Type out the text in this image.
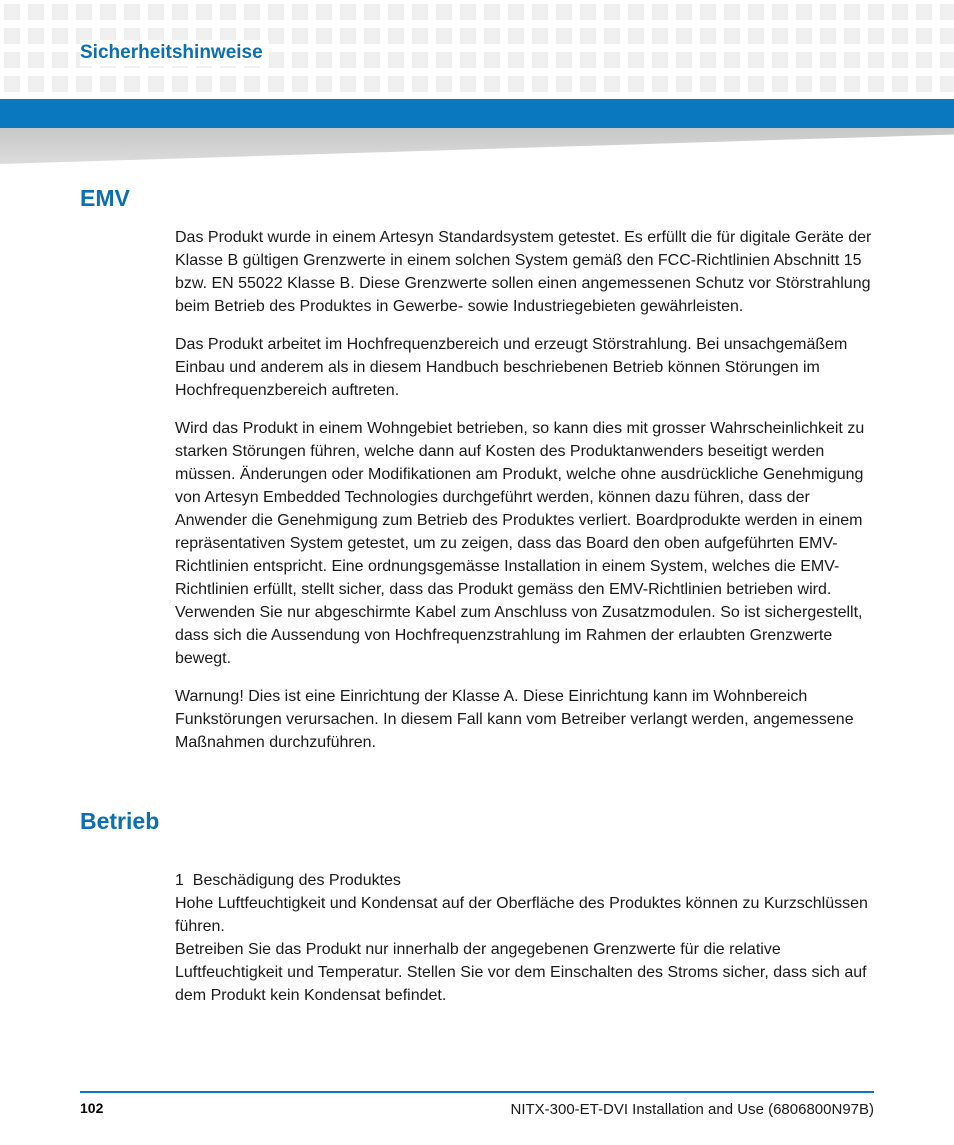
Sicherheitshinweise
EMV

Das Produkt wurde in einem Artesyn Standardsystem getestet. Es erfüllt die für digitale Geräte der Klasse B gültigen Grenzwerte in einem solchen System gemäß den FCC-Richtlinien Abschnitt 15 bzw. EN 55022 Klasse B. Diese Grenzwerte sollen einen angemessenen Schutz vor Störstrahlung beim Betrieb des Produktes in Gewerbe- sowie Industriegebieten gewährleisten.

Das Produkt arbeitet im Hochfrequenzbereich und erzeugt Störstrahlung. Bei unsachgemäßem Einbau und anderem als in diesem Handbuch beschriebenen Betrieb können Störungen im Hochfrequenzbereich auftreten.

Wird das Produkt in einem Wohngebiet betrieben, so kann dies mit grosser Wahrscheinlichkeit zu starken Störungen führen, welche dann auf Kosten des Produktanwenders beseitigt werden müssen. Änderungen oder Modifikationen am Produkt, welche ohne ausdrückliche Genehmigung von Artesyn Embedded Technologies durchgeführt werden, können dazu führen, dass der Anwender die Genehmigung zum Betrieb des Produktes verliert. Boardprodukte werden in einem repräsentativen System getestet, um zu zeigen, dass das Board den oben aufgeführten EMV-Richtlinien entspricht. Eine ordnungsgemässe Installation in einem System, welches die EMV-Richtlinien erfüllt, stellt sicher, dass das Produkt gemäss den EMV-Richtlinien betrieben wird. Verwenden Sie nur abgeschirmte Kabel zum Anschluss von Zusatzmodulen. So ist sichergestellt, dass sich die Aussendung von Hochfrequenzstrahlung im Rahmen der erlaubten Grenzwerte bewegt.

Warnung! Dies ist eine Einrichtung der Klasse A. Diese Einrichtung kann im Wohnbereich Funkstörungen verursachen. In diesem Fall kann vom Betreiber verlangt werden, angemessene Maßnahmen durchzuführen.

Betrieb
1  Beschädigung des Produktes
Hohe Luftfeuchtigkeit und Kondensat auf der Oberfläche des Produktes können zu Kurzschlüssen führen.
Betreiben Sie das Produkt nur innerhalb der angegebenen Grenzwerte für die relative Luftfeuchtigkeit und Temperatur. Stellen Sie vor dem Einschalten des Stroms sicher, dass sich auf dem Produkt kein Kondensat befindet.
102	NITX-300-ET-DVI Installation and Use (6806800N97B)
